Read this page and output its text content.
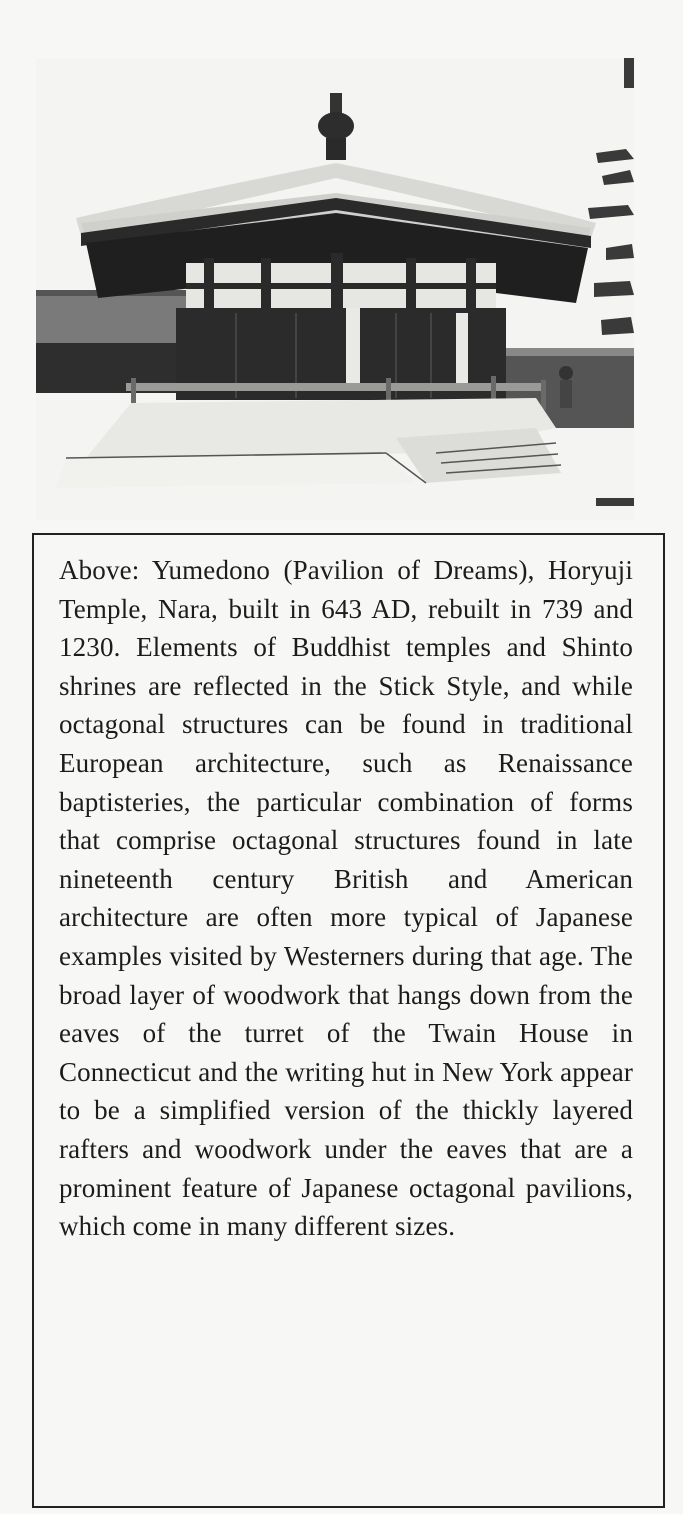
Above: Yumedono (Pavilion of Dreams), Horyuji Temple, Nara, built in 643 AD, rebuilt in 739 and 1230. Elements of Buddhist temples and Shinto shrines are reflected in the Stick Style, and while octagonal structures can be found in traditional European architecture, such as Renaissance baptisteries, the particular combination of forms that comprise octagonal structures found in late nineteenth century British and American architecture are often more typical of Japanese examples visited by Westerners during that age. The broad layer of woodwork that hangs down from the eaves of the turret of the Twain House in Connecticut and the writing hut in New York appear to be a simplified version of the thickly layered rafters and woodwork under the eaves that are a prominent feature of Japanese octagonal pavilions, which come in many different sizes.
